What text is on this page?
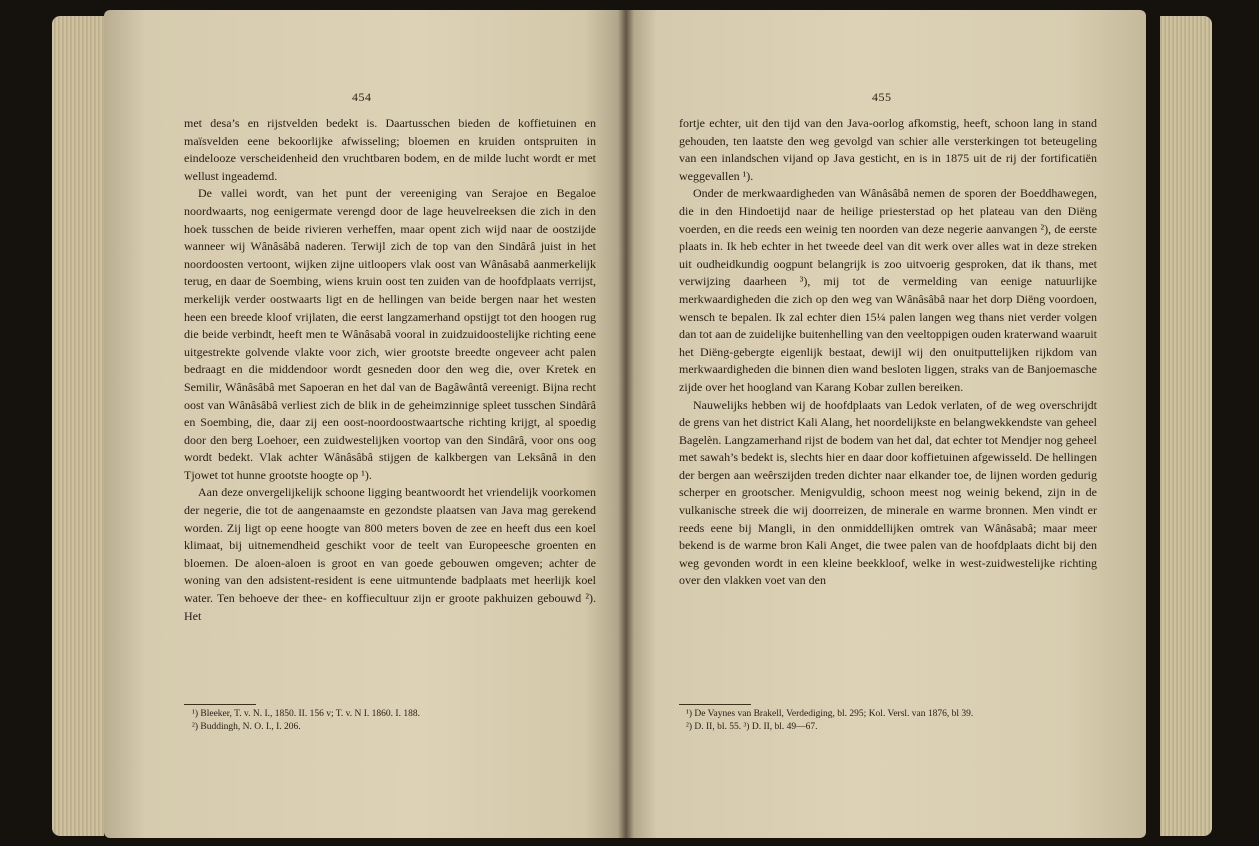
454

met desa’s en rijstvelden bedekt is. Daartusschen bieden de koffietuinen en maïsvelden eene bekoorlijke afwisseling; bloemen en kruiden ontspruiten in eindelooze verscheidenheid den vruchtbaren bodem, en de milde lucht wordt er met wellust ingeademd.

De vallei wordt, van het punt der vereeniging van Serajoe en Begaloe noordwaarts, nog eenigermate verengd door de lage heuvelreeksen die zich in den hoek tusschen de beide rivieren verheffen, maar opent zich wijd naar de oostzijde wanneer wij Wânâsâbâ naderen. Terwijl zich de top van den Sindârâ juist in het noordoosten vertoont, wijken zijne uitloopers vlak oost van Wânâsabâ aanmerkelijk terug, en daar de Soembing, wiens kruin oost ten zuiden van de hoofdplaats verrijst, merkelijk verder oostwaarts ligt en de hellingen van beide bergen naar het westen heen een breede kloof vrijlaten, die eerst langzamerhand opstijgt tot den hoogen rug die beide verbindt, heeft men te Wânâsabâ vooral in zuidzuidoostelijke richting eene uitgestrekte golvende vlakte voor zich, wier grootste breedte ongeveer acht palen bedraagt en die middendoor wordt gesneden door den weg die, over Kretek en Semilir, Wânâsâbâ met Sapoeran en het dal van de Bagâwântâ vereenigt. Bijna recht oost van Wânâsâbâ verliest zich de blik in de geheimzinnige spleet tusschen Sindârâ en Soembing, die, daar zij een oost-noordoostwaartsche richting krijgt, al spoedig door den berg Loehoer, een zuidwestelijken voortop van den Sindârâ, voor ons oog wordt bedekt. Vlak achter Wânâsâbâ stijgen de kalkbergen van Leksânâ in den Tjowet tot hunne grootste hoogte op ¹).

Aan deze onvergelijkelijk schoone ligging beantwoordt het vriendelijk voorkomen der negerie, die tot de aangenaamste en gezondste plaatsen van Java mag gerekend worden. Zij ligt op eene hoogte van 800 meters boven de zee en heeft dus een koel klimaat, bij uitnemendheid geschikt voor de teelt van Europeesche groenten en bloemen. De aloen-aloen is groot en van goede gebouwen omgeven; achter de woning van den adsistent-resident is eene uitmuntende badplaats met heerlijk koel water. Ten behoeve der thee- en koffiecultuur zijn er groote pakhuizen gebouwd ²). Het

¹) Bleeker, T. v. N. I., 1850. II. 156 v; T. v. N I. 1860. I. 188.
²) Buddingh, N. O. I., I. 206.
455

fortje echter, uit den tijd van den Java-oorlog afkomstig, heeft, schoon lang in stand gehouden, ten laatste den weg gevolgd van schier alle versterkingen tot beteugeling van een inlandschen vijand op Java gesticht, en is in 1875 uit de rij der fortificatiën weggevallen ¹).

Onder de merkwaardigheden van Wânâsâbâ nemen de sporen der Boeddhawegen, die in den Hindoetijd naar de heilige priesterstad op het plateau van den Diëng voerden, en die reeds een weinig ten noorden van deze negerie aanvangen ²), de eerste plaats in. Ik heb echter in het tweede deel van dit werk over alles wat in deze streken uit oudheidkundig oogpunt belangrijk is zoo uitvoerig gesproken, dat ik thans, met verwijzing daarheen ³), mij tot de vermelding van eenige natuurlijke merkwaardigheden die zich op den weg van Wânâsâbâ naar het dorp Diëng voordoen, wensch te bepalen. Ik zal echter dien 15¼ palen langen weg thans niet verder volgen dan tot aan de zuidelijke buitenhelling van den veeltoppigen ouden kraterwand waaruit het Diëng-gebergte eigenlijk bestaat, dewijl wij den onuitputtelijken rijkdom van merkwaardigheden die binnen dien wand besloten liggen, straks van de Banjoemasche zijde over het hoogland van Karang Kobar zullen bereiken.

Nauwelijks hebben wij de hoofdplaats van Ledok verlaten, of de weg overschrijdt de grens van het district Kali Alang, het noordelijkste en belangwekkendste van geheel Bagelèn. Langzamerhand rijst de bodem van het dal, dat echter tot Mendjer nog geheel met sawah’s bedekt is, slechts hier en daar door koffietuinen afgewisseld. De hellingen der bergen aan weêrszijden treden dichter naar elkander toe, de lijnen worden gedurig scherper en grootscher. Menigvuldig, schoon meest nog weinig bekend, zijn in de vulkanische streek die wij doorreizen, de minerale en warme bronnen. Men vindt er reeds eene bij Mangli, in den onmiddellijken omtrek van Wânâsabâ; maar meer bekend is de warme bron Kali Anget, die twee palen van de hoofdplaats dicht bij den weg gevonden wordt in een kleine beekkloof, welke in west-zuidwestelijke richting over den vlakken voet van den

¹) De Vaynes van Brakell, Verdediging, bl. 295; Kol. Versl. van 1876, bl 39.
²) D. II, bl. 55. ³) D. II, bl. 49—67.
